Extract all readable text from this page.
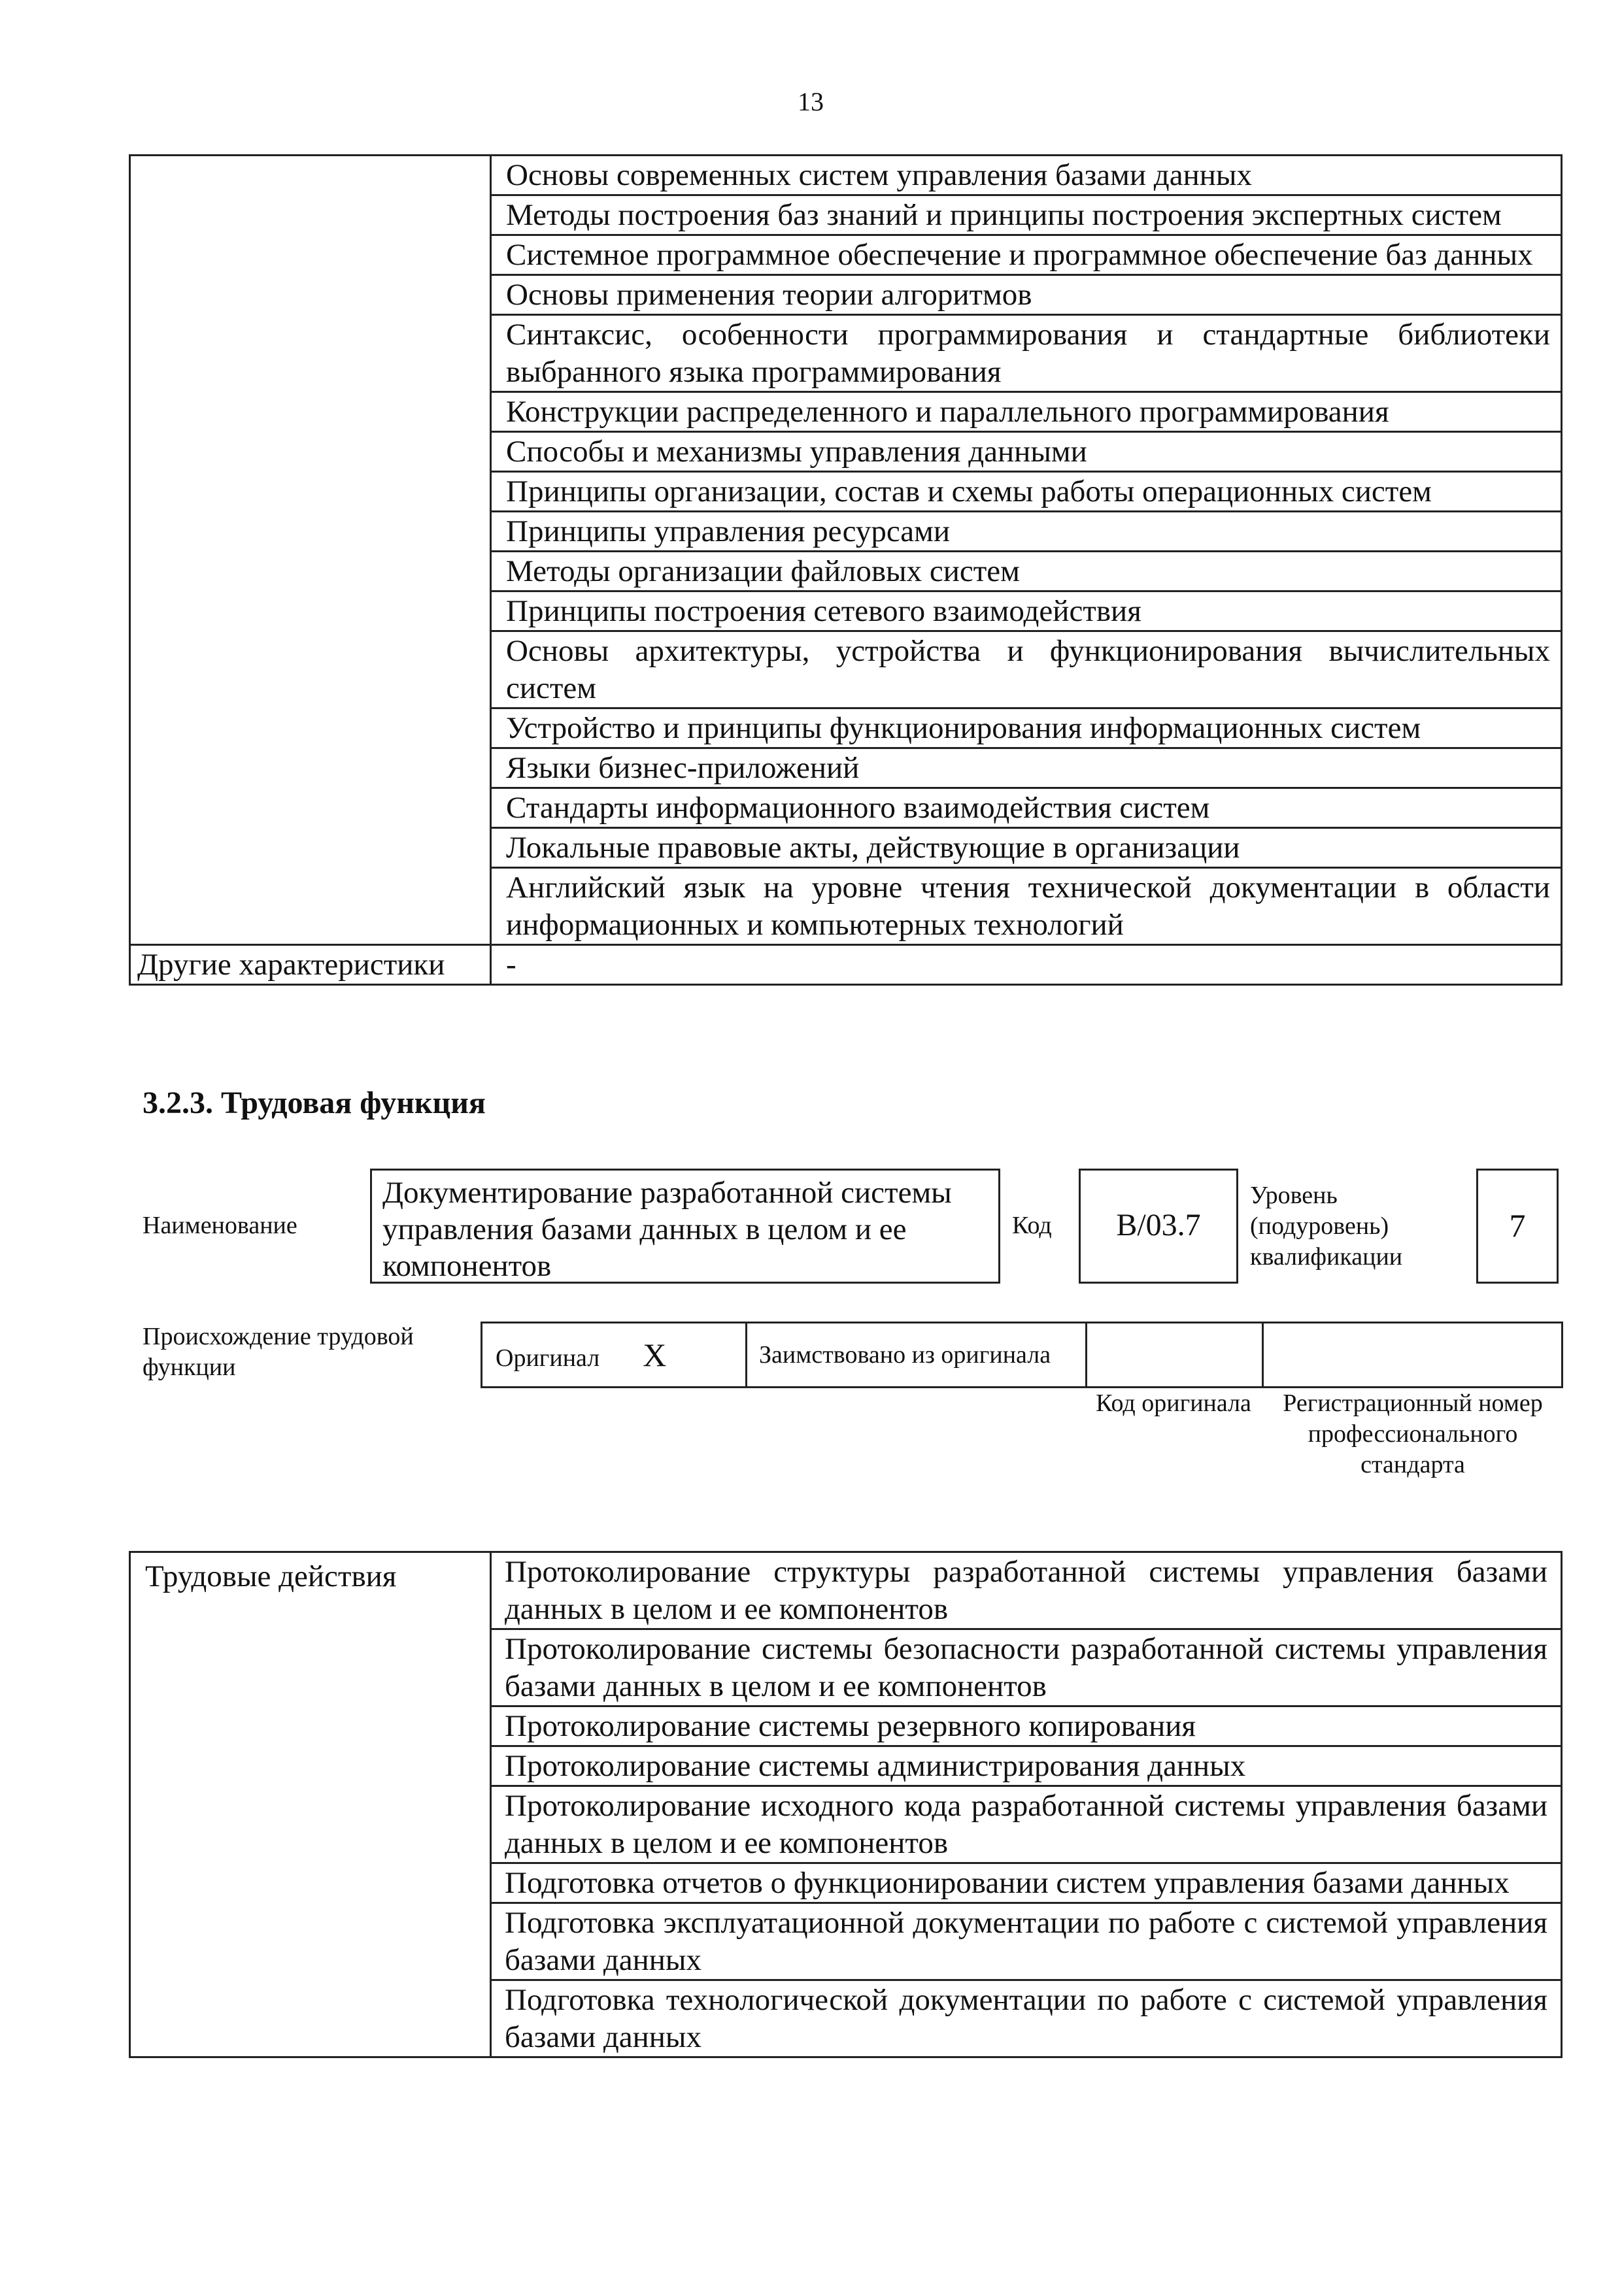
13
	Основы современных систем управления базами данных
	Методы построения баз знаний и принципы построения экспертных систем
	Системное программное обеспечение и программное обеспечение баз данных
	Основы применения теории алгоритмов
	Синтаксис, особенности программирования и стандартные библиотеки выбранного языка программирования
	Конструкции распределенного и параллельного программирования
	Способы и механизмы управления данными
	Принципы организации, состав и схемы работы операционных систем
	Принципы управления ресурсами
	Методы организации файловых систем
	Принципы построения сетевого взаимодействия
	Основы архитектуры, устройства и функционирования вычислительных систем
	Устройство и принципы функционирования информационных систем
	Языки бизнес-приложений
	Стандарты информационного взаимодействия систем
	Локальные правовые акты, действующие в организации
	Английский язык на уровне чтения технической документации в области информационных и компьютерных технологий
Другие характеристики	-
3.2.3. Трудовая функция
Наименование
Документирование разработанной системы управления базами данных в целом и ее компонентов
Код	В/03.7
Уровень (подуровень) квалификации
7
Происхождение трудовой функции	Оригинал X	Заимствовано из оригинала		
Код оригинала	Регистрационный номер профессионального стандарта
Трудовые действия	Протоколирование структуры разработанной системы управления базами данных в целом и ее компонентов
Протоколирование системы безопасности разработанной системы управления базами данных в целом и ее компонентов
Протоколирование системы резервного копирования
Протоколирование системы администрирования данных
Протоколирование исходного кода разработанной системы управления базами данных в целом и ее компонентов
Подготовка отчетов о функционировании систем управления базами данных
Подготовка эксплуатационной документации по работе с системой управления базами данных
Подготовка технологической документации по работе с системой управления базами данных
